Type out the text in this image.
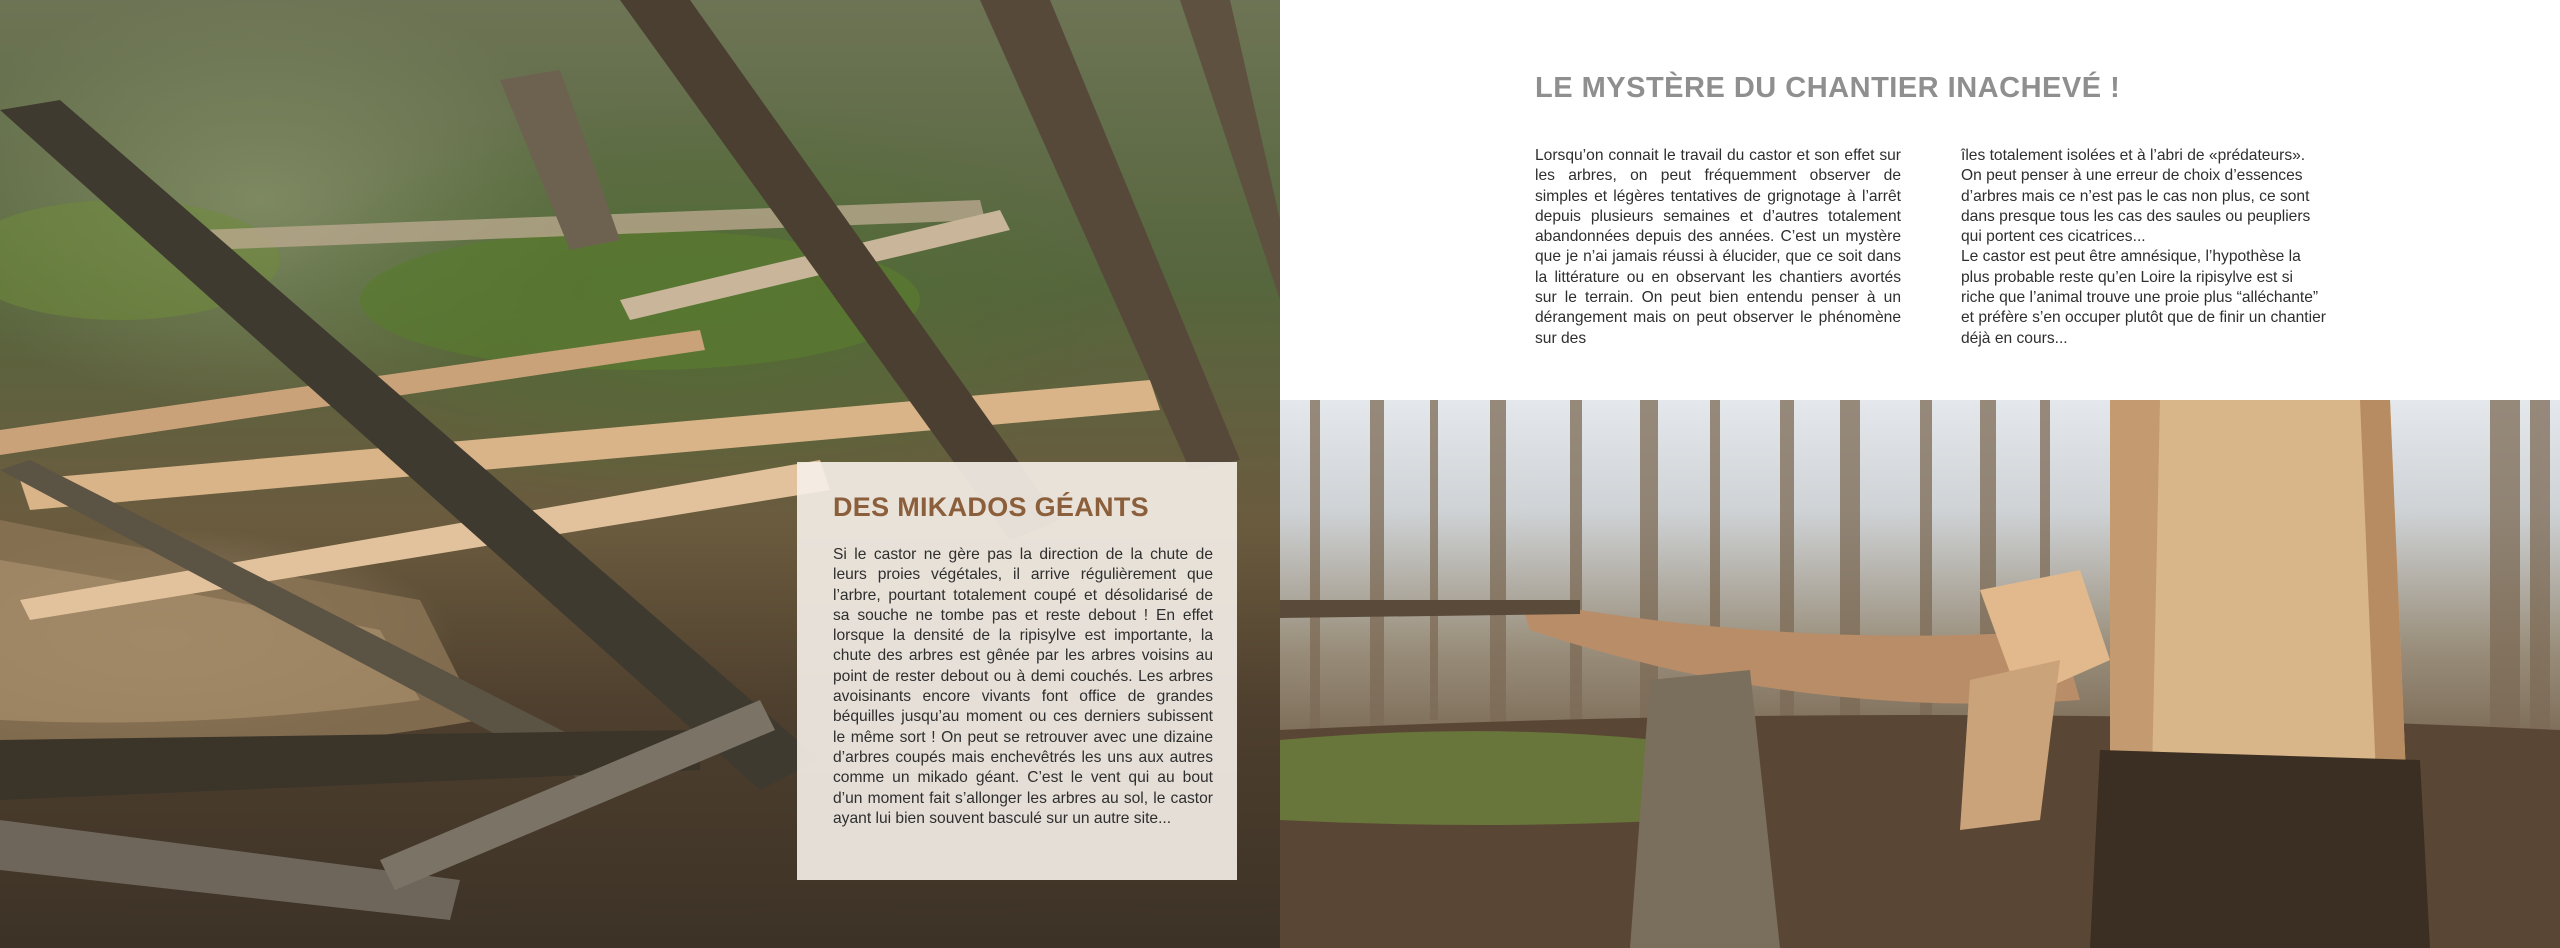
DES MIKADOS GÉANTS

Si le castor ne gère pas la direction de la chute de leurs proies végétales, il arrive régulièrement que l’arbre, pourtant totalement coupé et désolidarisé de sa souche ne tombe pas et reste debout ! En effet lorsque la densité de la ripisylve est importante, la chute des arbres est gênée par les arbres voisins au point de rester debout ou à demi couchés. Les arbres avoisinants encore vivants font office de grandes béquilles jusqu’au moment ou ces derniers subissent le même sort ! On peut se retrouver avec une dizaine d’arbres coupés mais enchevêtrés les uns aux autres comme un mikado géant. C’est le vent qui au bout d’un moment fait s’allonger les arbres au sol, le castor ayant lui bien souvent basculé sur un autre site...

LE MYSTÈRE DU CHANTIER INACHEVÉ !

Lorsqu’on connait le travail du castor et son effet sur les arbres, on peut fréquemment observer de simples et légères tentatives de grignotage à l’arrêt depuis plusieurs semaines et d’autres totalement abandonnées depuis des années. C’est un mystère que je n’ai jamais réussi à élucider, que ce soit dans la littérature ou en observant les chantiers avortés sur le terrain. On peut bien entendu penser à un dérangement mais on peut observer le phénomène sur des

îles totalement isolées et à l’abri de «prédateurs». On peut penser à une erreur de choix d’essences d’arbres mais ce n’est pas le cas non plus, ce sont dans presque tous les cas des saules ou peupliers qui portent ces cicatrices...
Le castor est peut être amnésique, l’hypothèse la plus probable reste qu’en Loire la ripisylve est si riche que l’animal trouve une proie plus “alléchante” et préfère s’en occuper plutôt que de finir un chantier déjà en cours...
